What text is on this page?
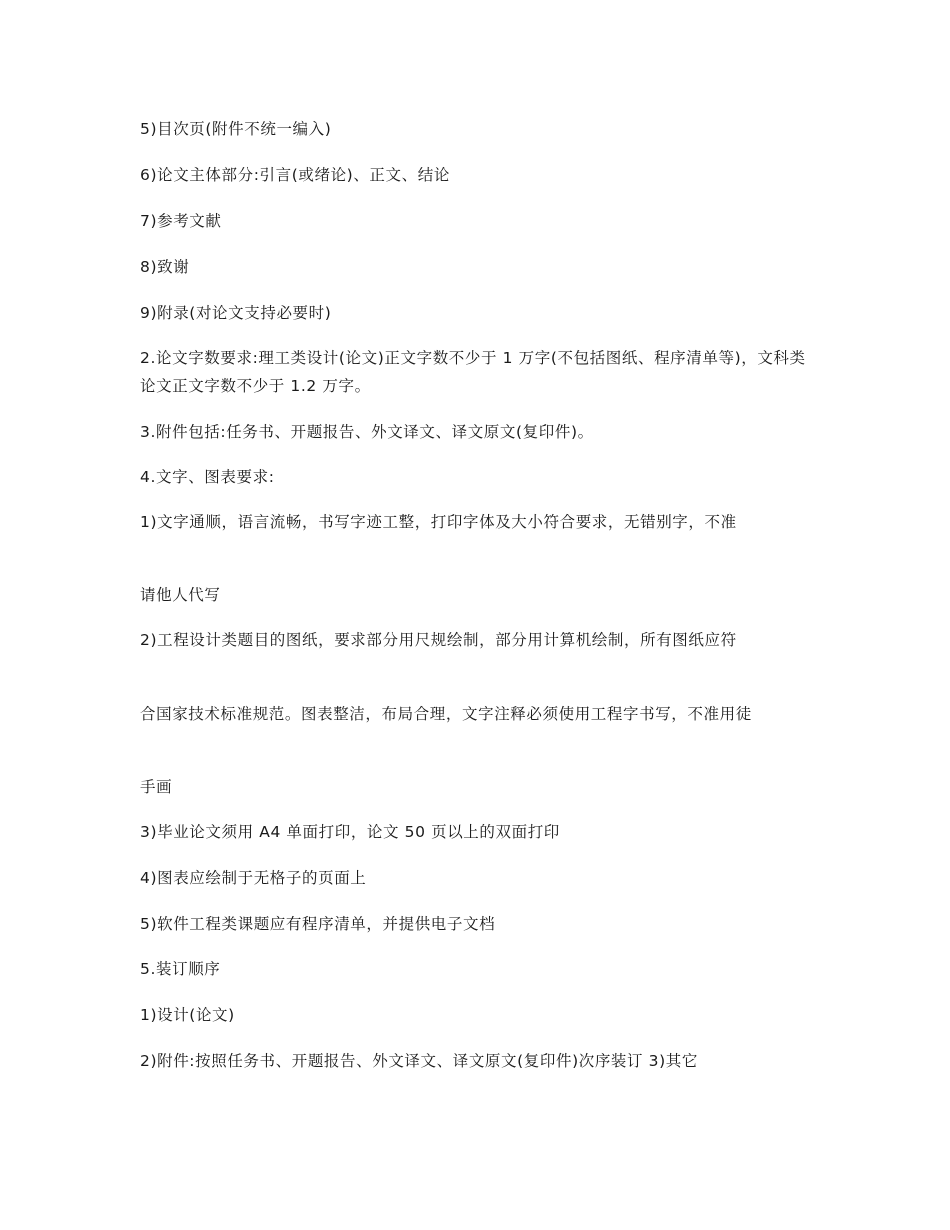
5)目次页(附件不统一编入)
6)论文主体部分:引言(或绪论)、正文、结论
7)参考文献
8)致谢
9)附录(对论文支持必要时)
2.论文字数要求:理工类设计(论文)正文字数不少于 1 万字(不包括图纸、程序清单等)，文科类论文正文字数不少于 1.2 万字。
3.附件包括:任务书、开题报告、外文译文、译文原文(复印件)。
4.文字、图表要求:
1)文字通顺，语言流畅，书写字迹工整，打印字体及大小符合要求，无错别字，不准
请他人代写
2)工程设计类题目的图纸，要求部分用尺规绘制，部分用计算机绘制，所有图纸应符
合国家技术标准规范。图表整洁，布局合理，文字注释必须使用工程字书写，不准用徒
手画
3)毕业论文须用 A4 单面打印，论文 50 页以上的双面打印
4)图表应绘制于无格子的页面上
5)软件工程类课题应有程序清单，并提供电子文档
5.装订顺序
1)设计(论文)
2)附件:按照任务书、开题报告、外文译文、译文原文(复印件)次序装订 3)其它
